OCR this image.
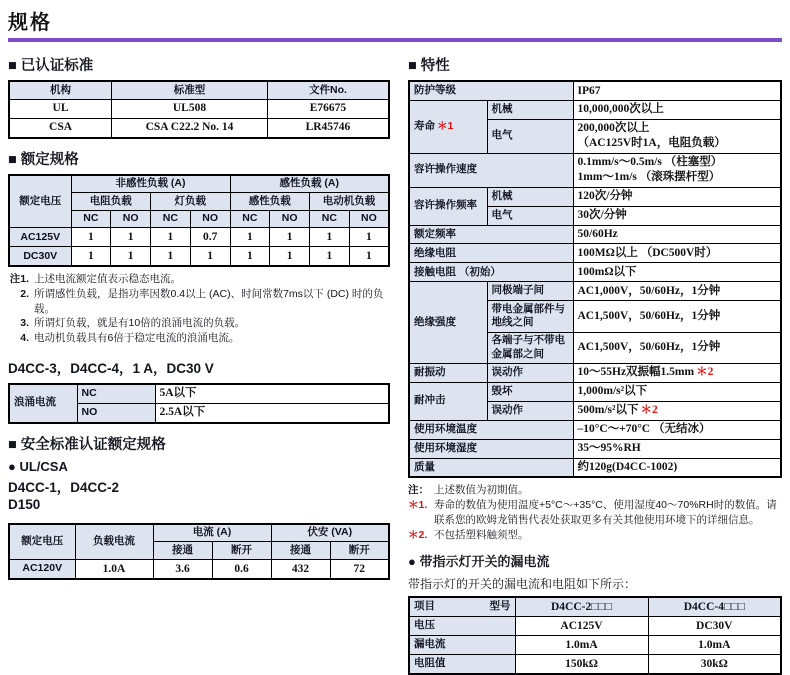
规格
■ 已认证标准
机构	标准型	文件No.
UL	UL508	E76675
CSA	CSA C22.2 No. 14	LR45746
■ 额定规格
额定电压	非感性负载 (A)				感性负载 (A)			
	电阻负载		灯负载		感性负载		电动机负载	
	NC	NO	NC	NO	NC	NO	NC	NO
AC125V	1	1	1	0.7	1	1	1	1
DC30V	1	1	1	1	1	1	1	1
注1. 上述电流额定值表示稳态电流。
2. 所谓感性负载，是指功率因数0.4以上 (AC)、时间常数7ms以下 (DC) 时的负载。
3. 所谓灯负载，就是有10倍的浪涌电流的负载。
4. 电动机负载具有6倍于稳定电流的浪涌电流。
D4CC-3，D4CC-4，1 A，DC30 V
浪涌电流	NC	5A以下
	NO	2.5A以下
■ 安全标准认证额定规格
● UL/CSA
D4CC-1，D4CC-2
D150
额定电压	负载电流	电流 (A)		伏安 (VA)	
		接通	断开	接通	断开
AC120V	1.0A	3.6	0.6	432	72
■ 特性
防护等级		IP67
寿命 ＊1	机械	10,000,000次以上
	电气	200,000次以上
（AC125V时1A，电阻负载）

容许操作速度		0.1mm/s～0.5m/s （柱塞型）
1mm～1m/s （滚珠摆杆型）

容许操作频率	机械	120次/分钟
	电气	30次/分钟
额定频率		50/60Hz
绝缘电阻		100MΩ以上 （DC500V时）
接触电阻 （初始）		100mΩ以下
绝缘强度	同极端子间	AC1,000V，50/60Hz，1分钟
	带电金属部件与地线之间	AC1,500V，50/60Hz，1分钟
	各端子与不带电金属部之间	AC1,500V，50/60Hz，1分钟
耐振动	误动作	10～55Hz双振幅1.5mm ＊2
耐冲击	毁坏	1,000m/s²以下
	误动作	500m/s²以下 ＊2
使用环境温度		–10°C～+70°C （无结冰）
使用环境湿度		35～95%RH
质量		约120g(D4CC-1002)
注： 上述数值为初期值。
＊1. 寿命的数值为使用温度+5°C～+35°C、使用湿度40～70%RH时的数值。请联系您的欧姆龙销售代表处获取更多有关其他使用环境下的详细信息。
＊2. 不包括塑料触须型。
● 带指示灯开关的漏电流
带指示灯的开关的漏电流和电阻如下所示：
项目 型号	D4CC-2□□□	D4CC-4□□□
电压	AC125V	DC30V
漏电流	1.0mA	1.0mA
电阻值	150kΩ	30kΩ
